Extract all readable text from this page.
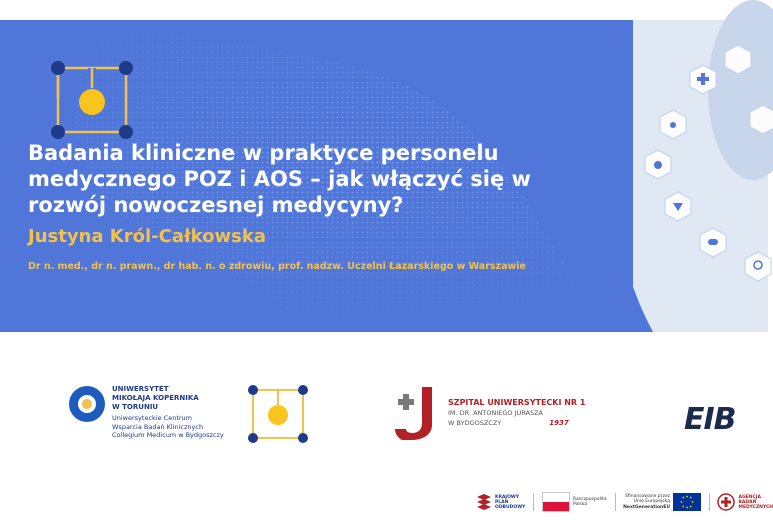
Badania kliniczne w praktyce personelu medycznego POZ i AOS – jak włączyć się w rozwój nowoczesnej medycyny?

Justyna Król-Całkowska

Dr n. med., dr n. prawn., dr hab. n. o zdrowiu, prof. nadzw. Uczelni Łazarskiego w Warszawie

UNIWERSYTET
MIKOŁAJA KOPERNIKA
W TORUNIU
Uniwersyteckie Centrum
Wsparcia Badań Klinicznych
Collegium Medicum w Bydgoszczy
SZPITAL UNIWERSYTECKI NR 1
IM. DR. ANTONIEGO JURASZA
W BYDGOSZCZY	1937	EIB
KRAJOWY
PLAN
ODBUDOWY
Rzeczpospolita
Polska
Sfinansowane przez
Unię Europejską
NextGenerationEU
AGENCJA
BADAŃ
MEDYCZNYCH
